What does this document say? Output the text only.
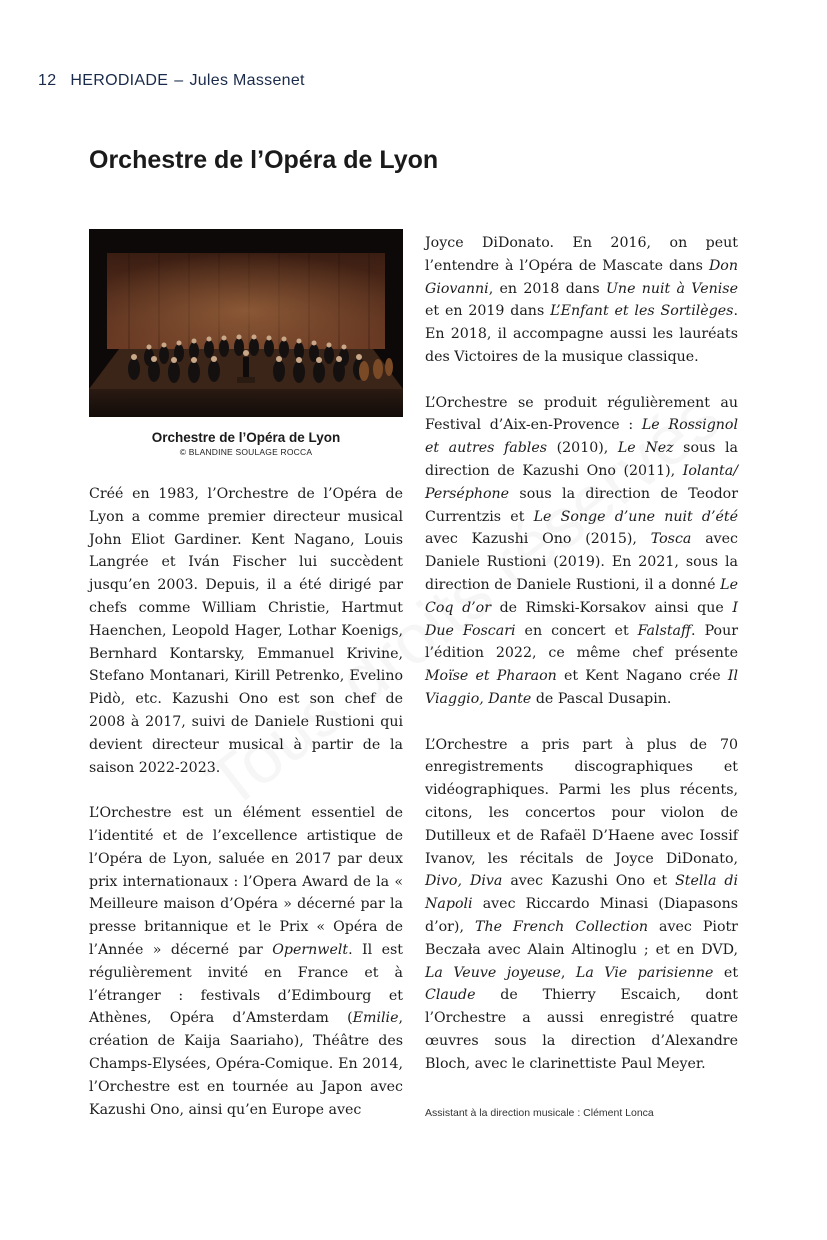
12 HERODIADE – Jules Massenet
Orchestre de l’Opéra de Lyon
Orchestre de l’Opéra de Lyon
© BLANDINE SOULAGE ROCCA

Créé en 1983, l’Orchestre de l’Opéra de Lyon a comme premier directeur musical John Eliot Gardiner. Kent Nagano, Louis Langrée et Iván Fischer lui succèdent jusqu’en 2003. Depuis, il a été dirigé par chefs comme William Christie, Hartmut Haenchen, Leopold Hager, Lothar Koenigs, Bernhard Kontarsky, Emmanuel Krivine, Stefano Montanari, Kirill Petrenko, Evelino Pidò, etc. Kazushi Ono est son chef de 2008 à 2017, suivi de Daniele Rustioni qui devient directeur musical à partir de la saison 2022-2023.

L’Orchestre est un élément essentiel de l’identité et de l’excellence artistique de l’Opéra de Lyon, saluée en 2017 par deux prix internationaux : l’Opera Award de la « Meilleure maison d’Opéra » décerné par la presse britannique et le Prix « Opéra de l’Année » décerné par Opernwelt. Il est régulièrement invité en France et à l’étranger : festivals d’Edimbourg et Athènes, Opéra d’Amsterdam (Emilie, création de Kaija Saariaho), Théâtre des Champs-Elysées, Opéra-Comique. En 2014, l’Orchestre est en tournée au Japon avec Kazushi Ono, ainsi qu’en Europe avec

Joyce DiDonato. En 2016, on peut l’entendre à l’Opéra de Mascate dans Don Giovanni, en 2018 dans Une nuit à Venise et en 2019 dans L’Enfant et les Sortilèges. En 2018, il accompagne aussi les lauréats des Victoires de la musique classique.

L’Orchestre se produit régulièrement au Festival d’Aix-en-Provence : Le Rossignol et autres fables (2010), Le Nez sous la direction de Kazushi Ono (2011), Iolanta/ Perséphone sous la direction de Teodor Currentzis et Le Songe d’une nuit d’été avec Kazushi Ono (2015), Tosca avec Daniele Rustioni (2019). En 2021, sous la direction de Daniele Rustioni, il a donné Le Coq d’or de Rimski-Korsakov ainsi que I Due Foscari en concert et Falstaff. Pour l’édition 2022, ce même chef présente Moïse et Pharaon et Kent Nagano crée Il Viaggio, Dante de Pascal Dusapin.

L’Orchestre a pris part à plus de 70 enregistrements discographiques et vidéographiques. Parmi les plus récents, citons, les concertos pour violon de Dutilleux et de Rafaël D’Haene avec Iossif Ivanov, les récitals de Joyce DiDonato, Divo, Diva avec Kazushi Ono et Stella di Napoli avec Riccardo Minasi (Diapasons d’or), The French Collection avec Piotr Beczała avec Alain Altinoglu ; et en DVD, La Veuve joyeuse, La Vie parisienne et Claude de Thierry Escaich, dont l’Orchestre a aussi enregistré quatre œuvres sous la direction d’Alexandre Bloch, avec le clarinettiste Paul Meyer.

Assistant à la direction musicale : Clément Lonca
